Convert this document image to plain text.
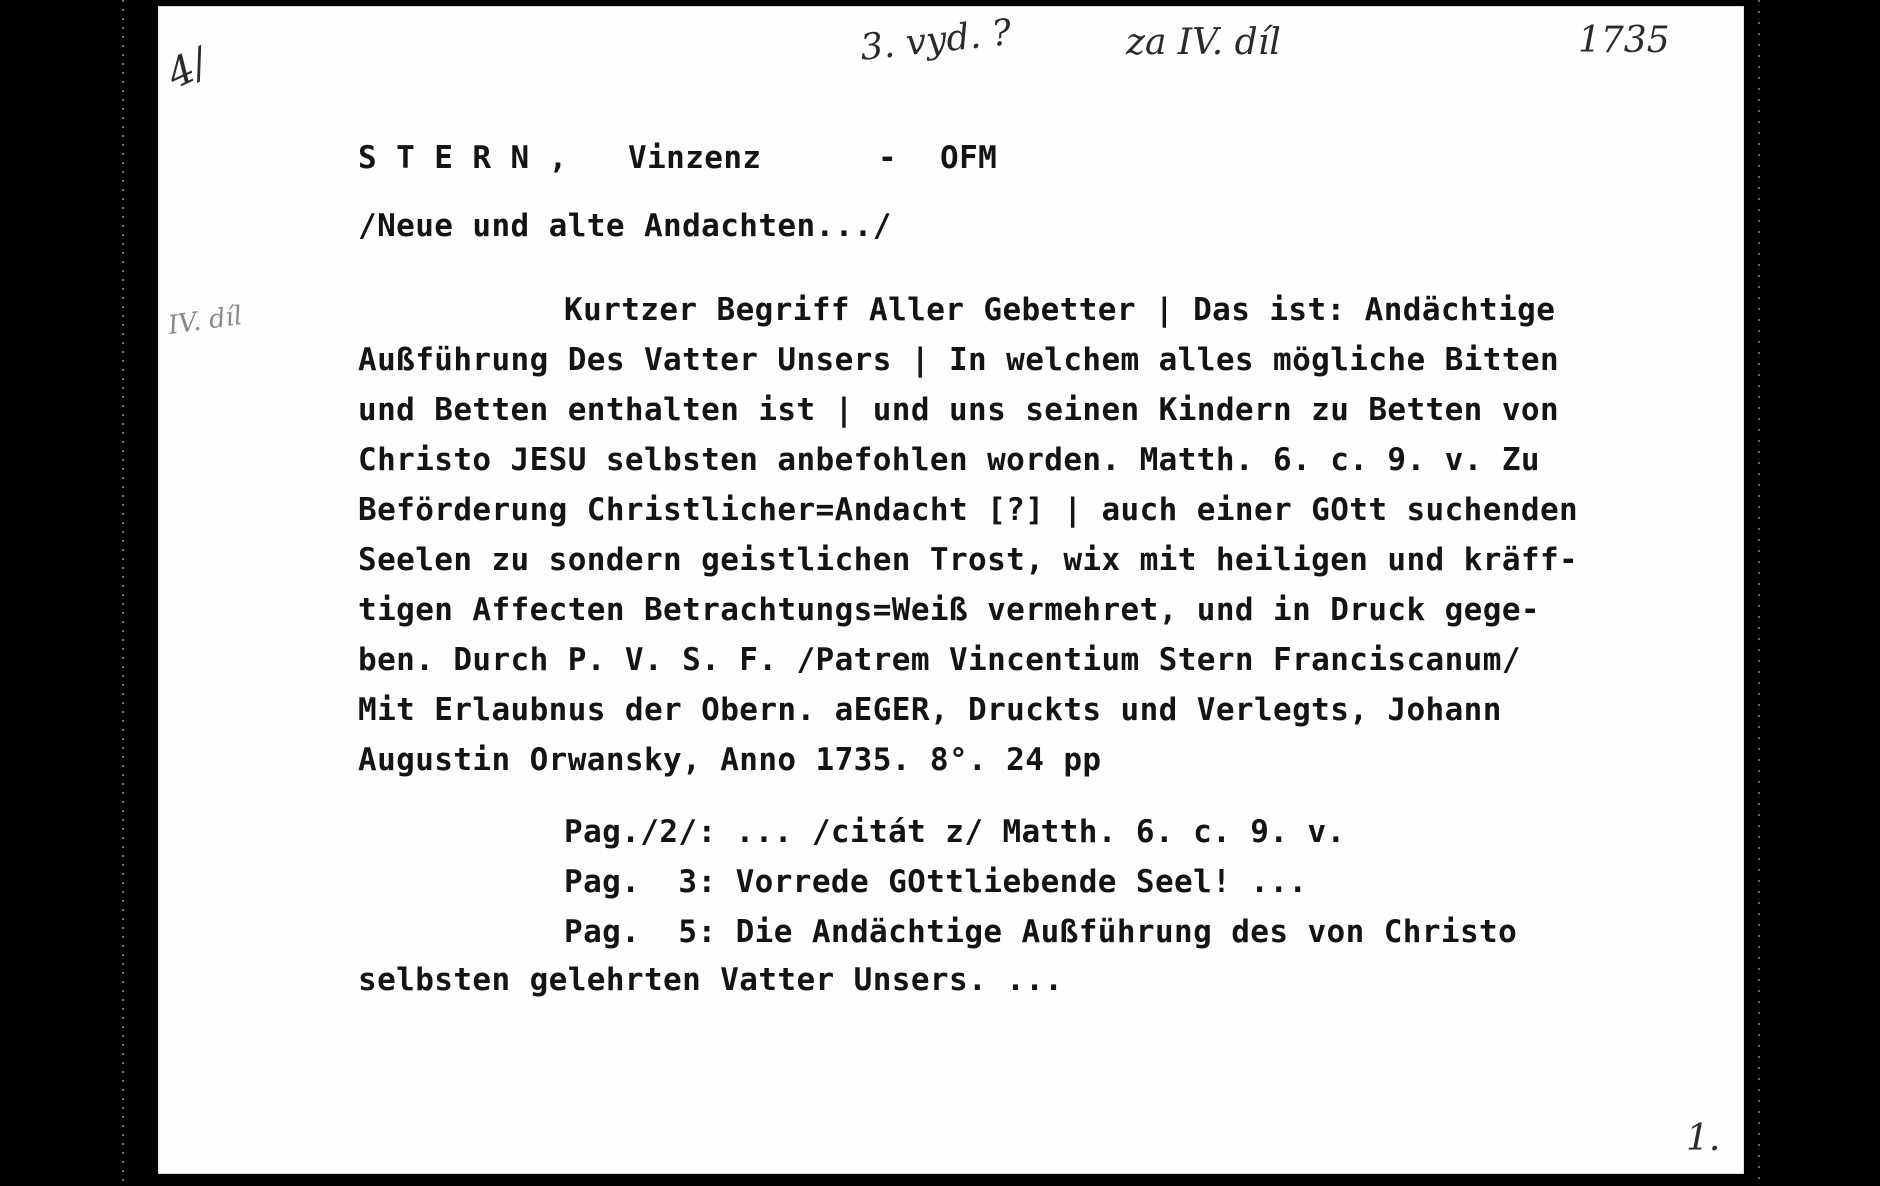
4/	3. vyd. ?	za IV. díl	1735
IV. díl
1.
S T E R N , Vinzenz	- OFM
/Neue und alte Andachten.../
Kurtzer Begriff Aller Gebetter | Das ist: Andächtige
Außführung Des Vatter Unsers | In welchem alles mögliche Bitten
und Betten enthalten ist | und uns seinen Kindern zu Betten von
Christo JESU selbsten anbefohlen worden. Matth. 6. c. 9. v. Zu
Beförderung Christlicher=Andacht [?] | auch einer GOtt suchenden
Seelen zu sondern geistlichen Trost, wix mit heiligen und kräff-
tigen Affecten Betrachtungs=Weiß vermehret, und in Druck gege-
ben. Durch P. V. S. F. /Patrem Vincentium Stern Franciscanum/
Mit Erlaubnus der Obern. aEGER, Druckts und Verlegts, Johann
Augustin Orwansky, Anno 1735. 8°. 24 pp
Pag./2/: ... /citát z/ Matth. 6. c. 9. v.
Pag.  3: Vorrede GOttliebende Seel! ...
Pag.  5: Die Andächtige Außführung des von Christo
selbsten gelehrten Vatter Unsers. ...
